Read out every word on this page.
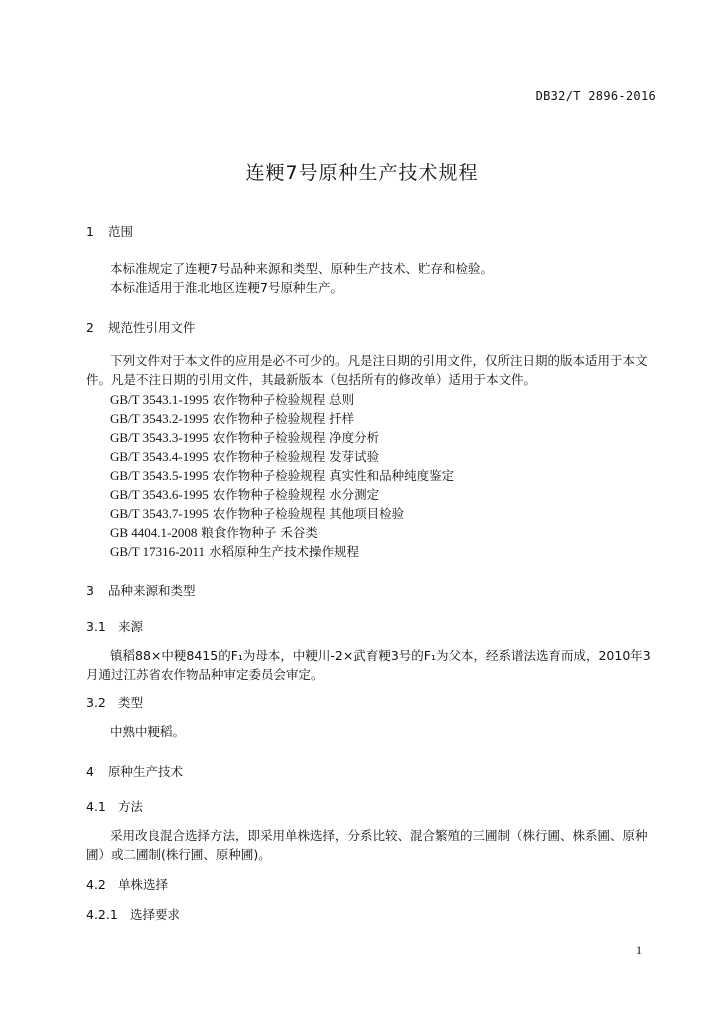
DB32/T 2896-2016
连粳7号原种生产技术规程
1 范围
本标准规定了连粳7号品种来源和类型、原种生产技术、贮存和检验。
本标准适用于淮北地区连粳7号原种生产。
2 规范性引用文件
下列文件对于本文件的应用是必不可少的。凡是注日期的引用文件，仅所注日期的版本适用于本文件。凡是不注日期的引用文件，其最新版本（包括所有的修改单）适用于本文件。
GB/T 3543.1-1995 农作物种子检验规程 总则
GB/T 3543.2-1995 农作物种子检验规程 扦样
GB/T 3543.3-1995 农作物种子检验规程 净度分析
GB/T 3543.4-1995 农作物种子检验规程 发芽试验
GB/T 3543.5-1995 农作物种子检验规程 真实性和品种纯度鉴定
GB/T 3543.6-1995 农作物种子检验规程 水分测定
GB/T 3543.7-1995 农作物种子检验规程 其他项目检验
GB 4404.1-2008 粮食作物种子 禾谷类
GB/T 17316-2011 水稻原种生产技术操作规程
3 品种来源和类型
3.1 来源
镇稻88×中粳8415的F₁为母本，中粳川-2×武育粳3号的F₁为父本，经系谱法选育而成，2010年3月通过江苏省农作物品种审定委员会审定。
3.2 类型
中熟中粳稻。
4 原种生产技术
4.1 方法
采用改良混合选择方法，即采用单株选择，分系比较、混合繁殖的三圃制（株行圃、株系圃、原种圃）或二圃制(株行圃、原种圃)。
4.2 单株选择
4.2.1 选择要求
1
